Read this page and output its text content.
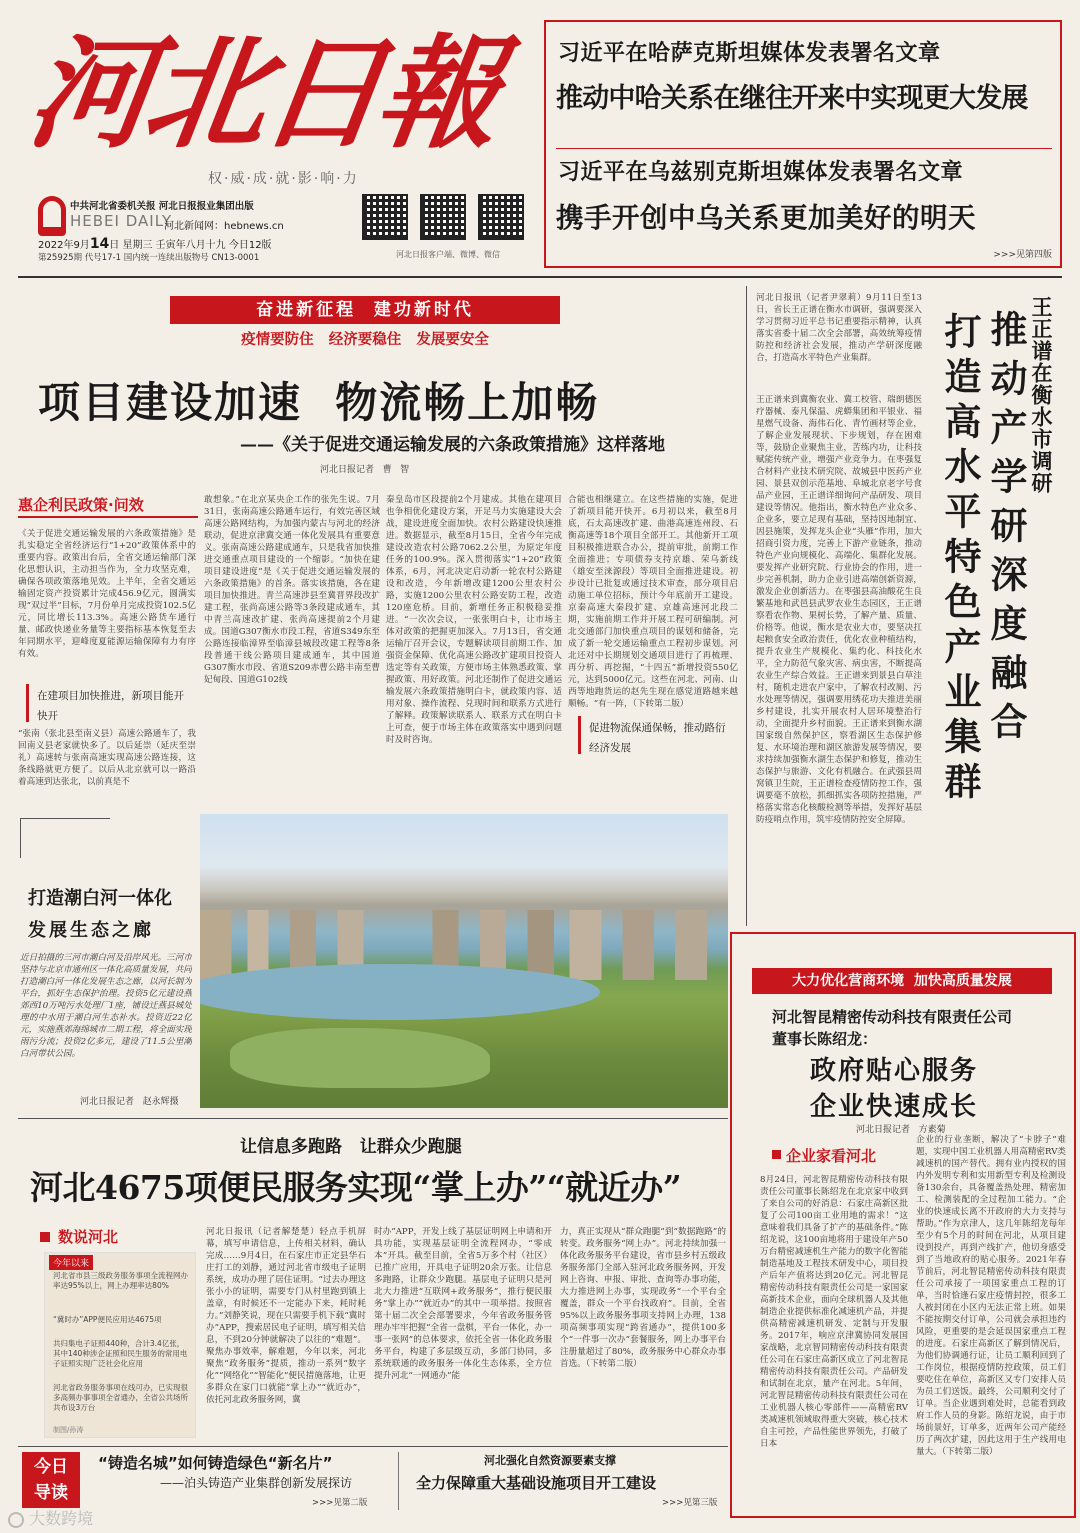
河北日報
权·威·成·就·影·响·力
中共河北省委机关报 河北日报报业集团出版
HEBEI DAILY
河北新闻网：hebnews.cn
2022年9月14日 星期三 壬寅年八月十九 今日12版
第25925期 代号17-1 国内统一连续出版物号 CN13-0001	河北日报客户端、微博、微信
习近平在哈萨克斯坦媒体发表署名文章
推动中哈关系在继往开来中实现更大发展
习近平在乌兹别克斯坦媒体发表署名文章
携手开创中乌关系更加美好的明天
>>>见第四版
奋进新征程  建功新时代
疫情要防住 经济要稳住 发展要安全
项目建设加速  物流畅上加畅
——《关于促进交通运输发展的六条政策措施》这样落地
河北日报记者   曹   智
惠企利民政策·问效
《关于促进交通运输发展的六条政策措施》是扎实稳定全省经济运行“1+20”政策体系中的重要内容。政策出台后，全省交通运输部门深化思想认识，主动担当作为，全力攻坚克难，确保各项政策落地见效。上半年，全省交通运输固定资产投资累计完成456.9亿元，圆满实现“双过半”目标，7月份单月完成投资102.5亿元，同比增长113.3%。高速公路货车通行量、邮政快递业务量等主要指标基本恢复至去年同期水平，迎峰度夏能源运输保障有力有序有效。
在建项目加快推进，新项目能开快开
“张南（张北县至南义县）高速公路通车了，我回南义县老家就快多了。以后延崇（延庆至崇礼）高速转与张南高速实现高速公路连接，这条线路就更方便了。以后从北京就可以一路沿着高速到达张北，以前真是不
敢想象。”在北京某央企工作的张先生说。7月31日，张南高速公路通车运行，有效完善区域高速公路网结构，为加强内蒙古与河北的经济联动，促进京津冀交通一体化发展具有重要意义。张南高速公路建成通车，只是我省加快推进交通重点项目建设的一个缩影。“加快在建项目建设进度”是《关于促进交通运输发展的六条政策措施》的首条。落实该措施，各在建项目加快推进。青兰高速涉县至冀晋界段改扩建工程，张尚高速公路等3条段建成通车，其中青兰高速改扩建、张尚高速提前2个月建成。国道G307衡水市段工程，省道S349东至公路连接临漳界至临漳县城段改建工程等8条段普通干线公路项目建成通车，其中国道G307衡水市段、省道S209赤曹公路丰南至曹妃甸段、国道G102线
秦皇岛市区段提前2个月建成。其他在建项目也争相优化建设方案，开足马力实施建设大会战，建设进度全面加快。农村公路建设快速推进。数据显示，截至8月15日，全省今年完成建设改造农村公路7062.2公里，为原定年度任务的100.9%。深入贯彻落实“1+20”政策体系，6月，河北决定启动新一轮农村公路建设和改造，今年新增改建1200公里农村公路，实施1200公里农村公路安防工程，改造120座危桥。目前，新增任务正积极稳妥推进。“一次次会议，一张张明白卡，让市场主体对政策的把握更加深入。7月13日，省交通运输厅召开会议，专题解读项目前期工作、加强资金保障、优化高速公路改扩建项目投资人选定等有关政策，方便市场主体熟悉政策、掌握政策、用好政策。河北还制作了促进交通运输发展六条政策措施明白卡，就政策内容、适用对象、操作流程、兑现时间和联系方式进行了解释。政策解读联系人、联系方式在明白卡上可查，便于市场主体在政策落实中遇到问题时及时咨询。
合能也相继建立。在这些措施的实施，促进了新项目能开快开。6月初以来，截至8月底，石太高速改扩建、曲港高速连州段、石衡高速等18个项目全部开工。其他新开工项目积极推进联合办公，提前审批，前期工作全面推进；专项债券支持京雄、荣乌新线（雄安至涞源段）等项目全面推进建设。初步设计已批复或通过技术审查，部分项目启动施工单位招标，预计今年底前开工建设。京秦高速大秦段扩建、京雄高速河北段二期，实施前期工作并开展工程可研编制。河北交通部门加快重点项目的谋划和储备，完成了新一轮交通运输重点工程初步谋划。河北还对中长期规划交通项目进行了再梳理、再分析、再挖掘，“十四五”新增投资550亿元，达到5000亿元。这些在河北、河南、山西等地跑货运的赵先生现在感觉道路越来越顺畅。“有一阵，（下转第二版）
促进物流保通保畅，推动路衍经济发展
河北日报讯（记者尹翠莉）9月11日至13日，省长王正谱在衡水市调研，强调要深入学习贯彻习近平总书记重要指示精神，认真落实省委十届二次全会部署，高效统筹疫情防控和经济社会发展，推动产学研深度融合，打造高水平特色产业集群。
王正谱来到冀衡农业、冀工校管、瑞朗德医疗器械、泰凡保温、虎蟒集团和平银业、福星燃气设备、海伟石化、青竹画材等企业，了解企业发展现状、下步规划，存在困难等，鼓励企业聚焦主业，苦练内功，让科技赋能传统产业，增强产业竞争力。在枣强复合材料产业技术研究院、故城县中医药产业园、景县双创示范基地、阜城北京老字号食品产业园，王正谱详细询问产品研发、项目建设等情况。他指出，衡水特色产业众多、企业多，要立足现有基础，坚持因地制宜、因县施策，发挥龙头企业“头雁”作用，加大招商引资力度，完善上下游产业链条，推动特色产业向规模化、高端化、集群化发展。要发挥产业研究院、行业协会的作用，进一步完善机制，助力企业引进高端创新资源，激发企业创新活力。在枣强县高油酸花生良繁基地和武邑县武罗农业生态园区，王正谱察看农作物、果树长势，了解产量、质量、价格等。他说，衡水是农业大市，要坚决扛起粮食安全政治责任，优化农业种植结构，提升农业生产规模化、集约化、科技化水平，全力防范气象灾害、病虫害，不断提高农业生产综合效益。王正谱来到景县白草洼村，随机走进农户家中，了解农村改厕、污水处理等情况，强调要用绣花功夫推进美丽乡村建设，扎实开展农村人居环境整治行动，全面提升乡村面貌。王正谱来到衡水湖国家级自然保护区，察看湖区生态保护修复、水环境治理和湖区旅游发展等情况，要求持续加强衡水湖生态保护和修复，推动生态保护与旅游、文化有机融合。在武强县周窝镇卫生院，王正谱检查疫情防控工作，强调要毫不放松，抓细抓实各项防控措施，严格落实常态化核酸检测等举措，发挥好基层防疫哨点作用，筑牢疫情防控安全屏障。
王正谱在衡水市调研
推动产学研深度融合
打造高水平特色产业集群
打造潮白河一体化
发展生态之廊
近日拍摄的三河市潮白河及沿岸风光。三河市坚持与北京市通州区一体化高质量发展，共同打造潮白河一体化发展生态之廊，以河长制为平台，抓好生态保护治理。投资5亿元建设燕郊西10万吨污水处理厂1座，铺设迁燕县城处理的中水用于潮白河生态补水。投资近22亿元，实施燕郊海绵城市二期工程，将全面实现雨污分流；投资2亿多元，建设了11.5公里潮白河带状公园。
河北日报记者   赵永辉摄
让信息多跑路   让群众少跑腿
河北4675项便民服务实现“掌上办”“就近办”
数说河北
今年以来
河北省市县三级政务服务事项全流程网办率达95%以上，网上办理率达80%
“冀时办”APP便民应用达4675项
共归集电子证照440种，合计3.4亿张，其中140种涉企证照和民生服务的常用电子证照实现广泛社会化应用
河北省政务服务事项在线可办，已实现很多高频办事事项全省通办，全省公共场所共布设3万台
制图/孙涛
河北日报讯（记者解楚楚）轻点手机屏幕，填写申请信息，上传相关材料，确认完成……9月4日，在石家庄市正定县华石庄打工的刘静，通过河北省市级电子证明系统，成功办理了居住证明。“过去办理这张小小的证明，需要专门从村里跑到镇上盖章，有时候还不一定能办下来，耗时耗力。”刘静笑说，现在只需要手机下载“冀时办”APP，搜索居民电子证明，填写相关信息，不到20分钟就解决了以往的“难题”。聚焦办事效率，解难题，今年以来，河北聚焦“政务服务”提质，推动一系列“数字化”“网络化”“智能化”便民措施落地，让更多群众在家门口就能“掌上办”“就近办”，依托河北政务服务网，冀
时办”APP，开发上线了基层证明网上申请和开具功能，实现基层证明全流程网办，“零成本”开具。截至目前，全省5万多个村（社区）已推广应用，开具电子证明20余万张。让信息多跑路，让群众少跑腿。基层电子证明只是河北大力推进“互联网+政务服务”，推行便民服务“掌上办”“就近办”的其中一项举措。按照省第十届二次全会部署要求，今年省政务服务管理办牢牢把握“全省一盘棋，平台一体化，办一事一张网”的总体要求，依托全省一体化政务服务平台，构建了多层级互动，多部门协同，多系统联通的政务服务一体化生态体系，全方位提升河北“一网通办”能
力，真正实现从“群众跑腿”到“数据跑路”的转变。政务服务“网上办”。河北持续加强一体化政务服务平台建设，省市县乡村五级政务服务部门全部入驻河北政务服务网，开发网上咨询、申报、审批、查询等办事功能，大力推进网上办事，实现政务“一个平台全覆盖，群众一个平台找政府”。目前，全省95%以上政务服务事项支持网上办理，138项高频事项实现“跨省通办”，提供100多个“一件事一次办”套餐服务，网上办事平台注册量超过了80%，政务服务中心群众办事首选。（下转第二版）
大力优化营商环境  加快高质量发展
河北智昆精密传动科技有限责任公司
董事长陈绍龙：
政府贴心服务
企业快速成长
河北日报记者   方素菊
企业家看河北
8月24日，河北智昆精密传动科技有限责任公司董事长陈绍龙在北京家中收到了来自公司的好消息：石家庄高新区批复了公司100亩工业用地的需求！“这意味着我们具备了扩产的基础条件。”陈绍龙说，这100亩地将用于建设年产50万台精密减速机生产能力的数字化智能制造基地及工程技术研发中心，项目投产后年产值将达到20亿元。河北智昆精密传动科技有限责任公司是一家国家高新技术企业，面向全球机器人及其他制造企业提供标准化减速机产品，并提供高精密减速机研发、定制与开发服务。2017年，响应京津冀协同发展国家战略，北京智同精密传动科技有限责任公司在石家庄高新区成立了河北智昆精密传动科技有限责任公司。产品研发和试制在北京，量产在河北。5年间，河北智昆精密传动科技有限责任公司在工业机器人核心零部件——高精密RV类减速机领域取得重大突破，核心技术自主可控，产品性能世界领先，打破了日本
企业的行业垄断，解决了“卡脖子”难题，实现中国工业机器人用高精密RV类减速机的国产替代。拥有业内授权的国内外发明专利和实用新型专利及检测设备130余台，具备覆盖热处理、精密加工、检测装配的全过程加工能力。“企业的快速成长离不开政府的大力支持与帮助。”作为京津人，这几年陈绍龙每年至少有5个月的时间在河北，从项目建设到投产，再到产线扩产，他切身感受到了当地政府的贴心服务。2021年春节前后，河北智昆精密传动科技有限责任公司承接了一项国家重点工程的订单，当时恰逢石家庄疫情封控，很多工人被封闭在小区内无法正常上班。如果不能按期交付订单，公司就会承担违约风险，更重要的是会延误国家重点工程的进度。石家庄高新区了解到情况后，为他们协调通行证，让员工顺利回到了工作岗位，根据疫情防控政策，员工们要吃住在单位，高新区又专门安排人员为员工们送饭。最终，公司顺利交付了订单。当企业遇到难处时，总能看到政府工作人员的身影。陈绍龙说，由于市场前景好，订单多，近两年公司产能经历了两次扩建，因此这用于生产线用电量大。（下转第二版）
今日
导读
“铸造名城”如何铸造绿色“新名片”
——泊头铸造产业集群创新发展探访
>>>见第二版
河北强化自然资源要素支撑
全力保障重大基础设施项目开工建设
>>>见第三版
大数跨境
